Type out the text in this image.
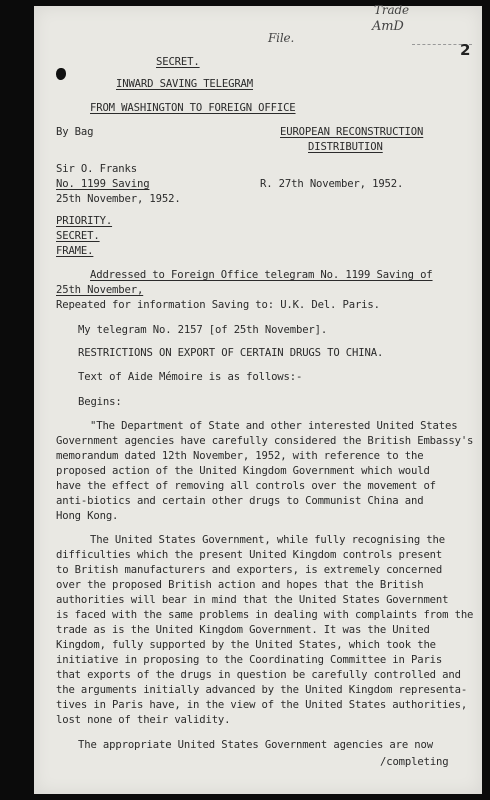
File.
Trade
AmD
2
SECRET.
INWARD SAVING TELEGRAM
FROM WASHINGTON TO FOREIGN OFFICE
By Bag	EUROPEAN RECONSTRUCTION
DISTRIBUTION
Sir O. Franks
No. 1199 Saving	R. 27th November, 1952.
25th November, 1952.
PRIORITY.
SECRET.
FRAME.
Addressed to Foreign Office telegram No. 1199 Saving of
25th November,
Repeated for information Saving to: U.K. Del. Paris.
My telegram No. 2157 [of 25th November].
RESTRICTIONS ON EXPORT OF CERTAIN DRUGS TO CHINA.
Text of Aide Mémoire is as follows:-
Begins:
"The Department of State and other interested United States
Government agencies have carefully considered the British Embassy's
memorandum dated 12th November, 1952, with reference to the
proposed action of the United Kingdom Government which would
have the effect of removing all controls over the movement of
anti-biotics and certain other drugs to Communist China and
Hong Kong.
The United States Government, while fully recognising the
difficulties which the present United Kingdom controls present
to British manufacturers and exporters, is extremely concerned
over the proposed British action and hopes that the British
authorities will bear in mind that the United States Government
is faced with the same problems in dealing with complaints from the
trade as is the United Kingdom Government. It was the United
Kingdom, fully supported by the United States, which took the
initiative in proposing to the Coordinating Committee in Paris
that exports of the drugs in question be carefully controlled and
the arguments initially advanced by the United Kingdom representa-
tives in Paris have, in the view of the United States authorities,
lost none of their validity.
The appropriate United States Government agencies are now
/completing
